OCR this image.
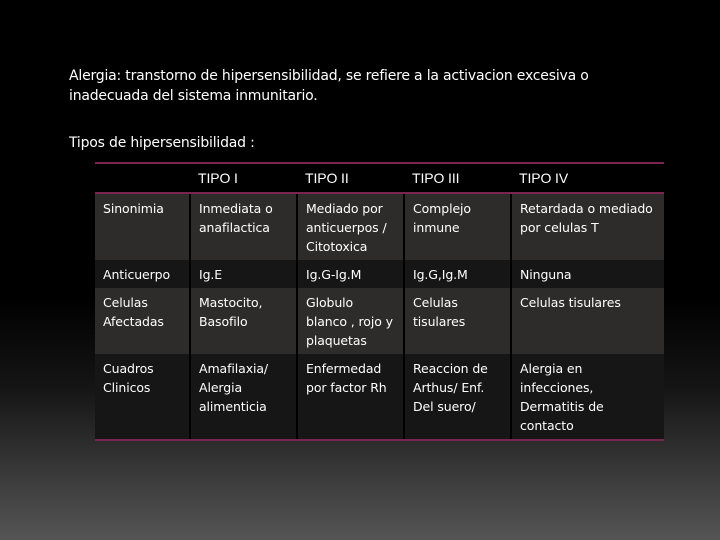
Alergia: transtorno de hipersensibilidad, se refiere a la activacion excesiva o
inadecuada del sistema inmunitario.
Tipos de hipersensibilidad :
	TIPO I	TIPO II	TIPO III	TIPO IV
Sinonimia	Inmediata o anafilactica	Mediado por anticuerpos / Citotoxica	Complejo inmune	Retardada o mediado por celulas T
Anticuerpo	Ig.E	Ig.G-Ig.M	Ig.G,Ig.M	Ninguna
Celulas Afectadas	Mastocito, Basofilo	Globulo blanco , rojo y plaquetas	Celulas tisulares	Celulas tisulares
Cuadros Clinicos	Amafilaxia/ Alergia alimenticia	Enfermedad por factor Rh	Reaccion de Arthus/ Enf. Del suero/	Alergia en infecciones, Dermatitis de contacto
